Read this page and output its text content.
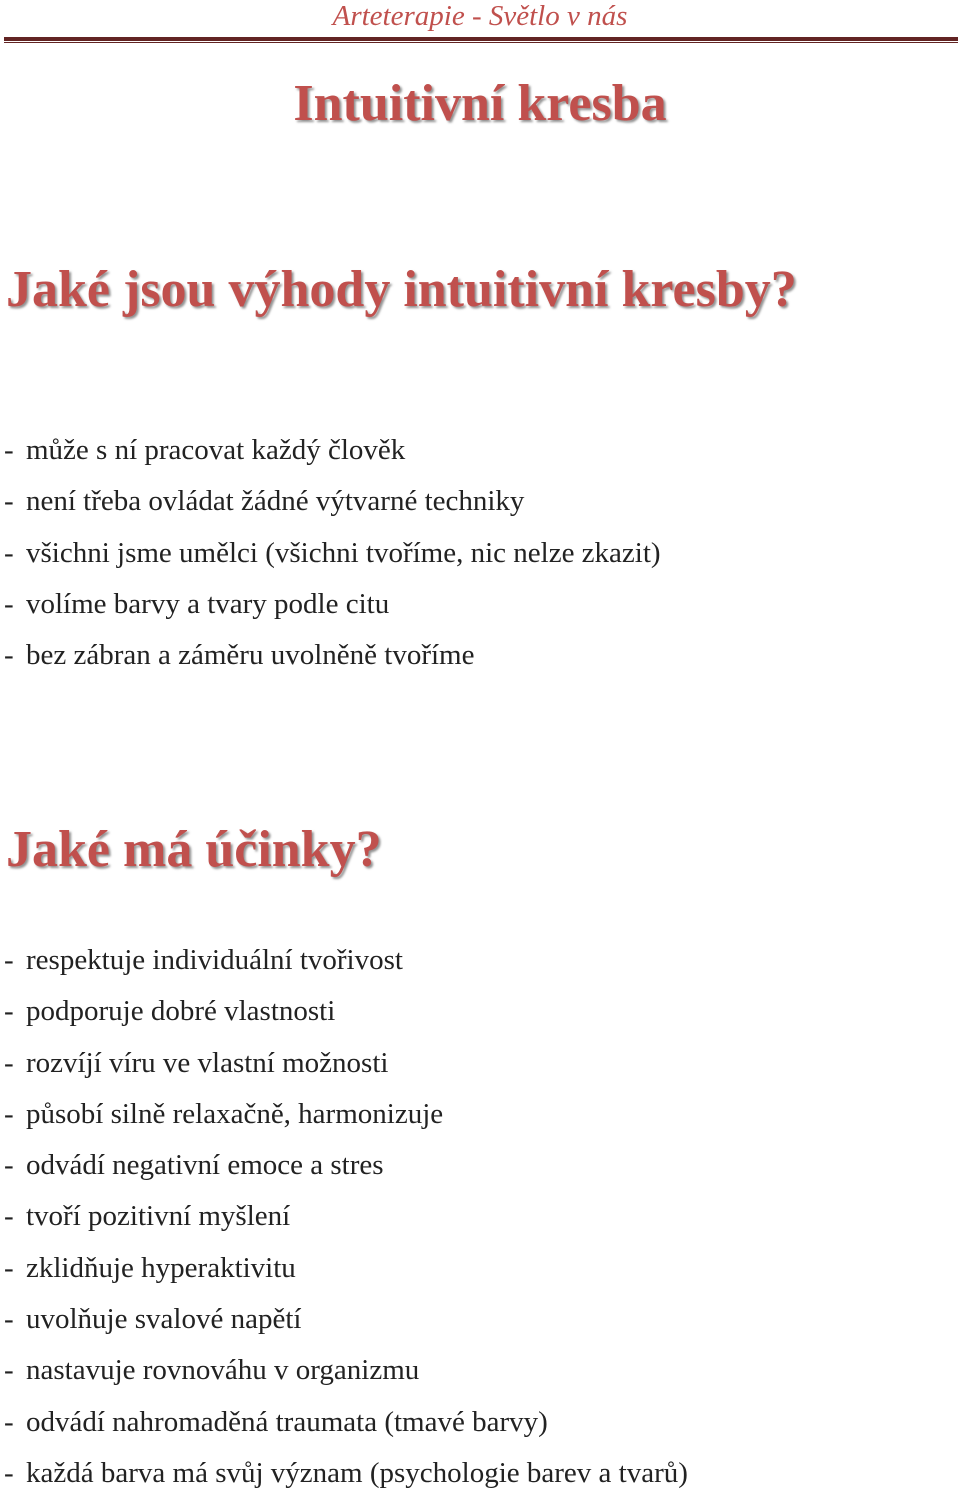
Arteterapie - Světlo v nás
Intuitivní kresba
Jaké jsou výhody intuitivní kresby?
- může s ní pracovat každý člověk
- není třeba ovládat žádné výtvarné techniky
- všichni jsme umělci (všichni tvoříme, nic nelze zkazit)
- volíme barvy a tvary podle citu
- bez zábran a záměru uvolněně tvoříme
Jaké má účinky?
- respektuje individuální tvořivost
- podporuje dobré vlastnosti
- rozvíjí víru ve vlastní možnosti
- působí silně relaxačně, harmonizuje
- odvádí negativní emoce a stres
- tvoří pozitivní myšlení
- zklidňuje hyperaktivitu
- uvolňuje svalové napětí
- nastavuje rovnováhu v organizmu
- odvádí nahromaděná traumata (tmavé barvy)
- každá barva má svůj význam (psychologie barev a tvarů)
